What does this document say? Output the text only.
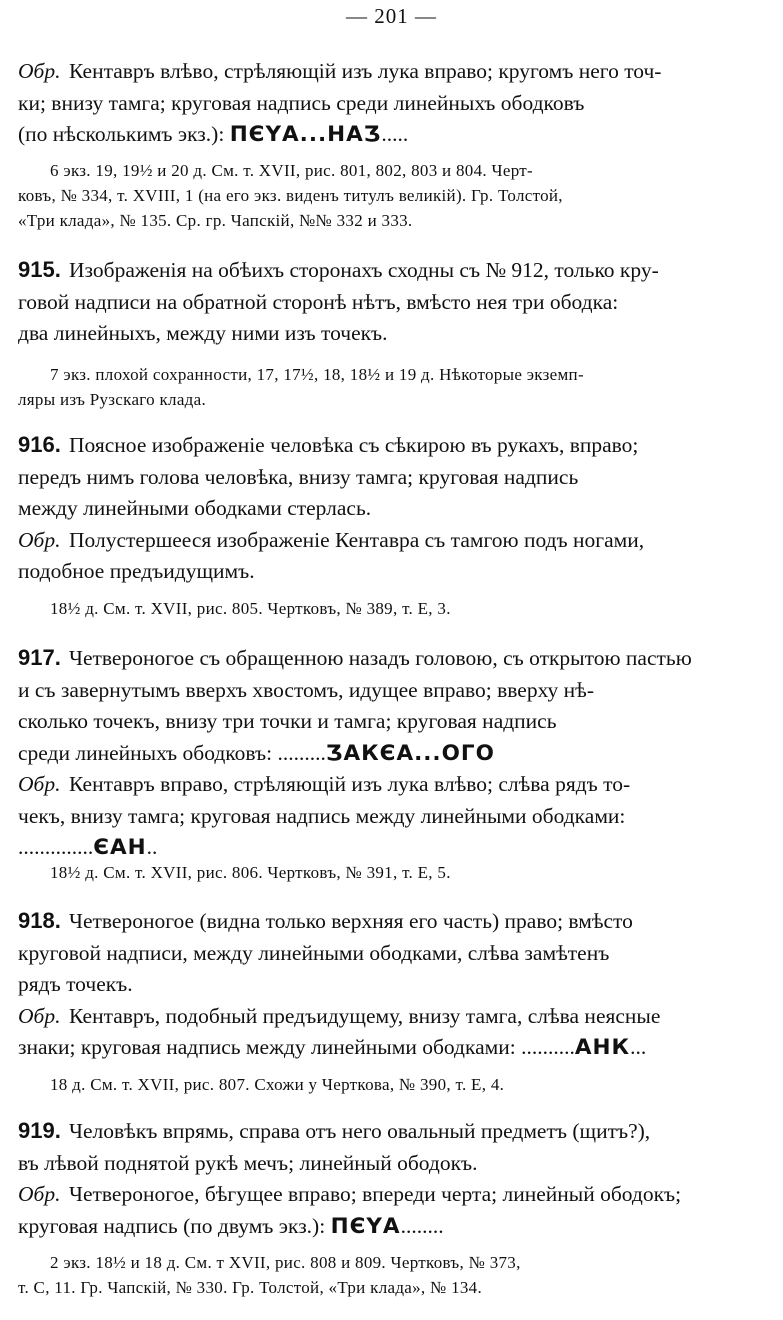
— 201 —
Обр. Кентавръ влѣво, стрѣляющій изъ лука вправо; кругомъ него точ-
ки; внизу тамга; круговая надпись среди линейныхъ ободковъ
(по нѣсколькимъ экз.): ПЄҮА...НАӠ.....
6 экз. 19, 19½ и 20 д. См. т. XVII, рис. 801, 802, 803 и 804. Черт-
ковъ, № 334, т. XVIII, 1 (на его экз. виденъ титулъ великій). Гр. Толстой,
«Три клада», № 135. Ср. гр. Чапскій, №№ 332 и 333.
915. Изображенія на обѣихъ сторонахъ сходны съ № 912, только кру-
говой надписи на обратной сторонѣ нѣтъ, вмѣсто нея три ободка:
два линейныхъ, между ними изъ точекъ.
7 экз. плохой сохранности, 17, 17½, 18, 18½ и 19 д. Нѣкоторые экземп-
ляры изъ Рузскаго клада.
916. Поясное изображеніе человѣка съ сѣкирою въ рукахъ, вправо;
передъ нимъ голова человѣка, внизу тамга; круговая надпись
между линейными ободками стерлась.
Обр. Полустершееся изображеніе Кентавра съ тамгою подъ ногами,
подобное предъидущимъ.
18½ д. См. т. XVII, рис. 805. Чертковъ, № 389, т. Е, 3.
917. Четвероногое съ обращенною назадъ головою, съ открытою пастью
и съ завернутымъ вверхъ хвостомъ, идущее вправо; вверху нѣ-
сколько точекъ, внизу три точки и тамга; круговая надпись
среди линейныхъ ободковъ: .........ӠАКЄА...ОГО
Обр. Кентавръ вправо, стрѣляющій изъ лука влѣво; слѣва рядъ то-
чекъ, внизу тамга; круговая надпись между линейными ободками:
..............ЄАН..
18½ д. См. т. XVII, рис. 806. Чертковъ, № 391, т. Е, 5.
918. Четвероногое (видна только верхняя его часть) право; вмѣсто
круговой надписи, между линейными ободками, слѣва замѣтенъ
рядъ точекъ.
Обр. Кентавръ, подобный предъидущему, внизу тамга, слѣва неясные
знаки; круговая надпись между линейными ободками: ..........АНК...
18 д. См. т. XVII, рис. 807. Схожи у Черткова, № 390, т. Е, 4.
919. Человѣкъ впрямь, справа отъ него овальный предметъ (щитъ?),
въ лѣвой поднятой рукѣ мечъ; линейный ободокъ.
Обр. Четвероногое, бѣгущее вправо; впереди черта; линейный ободокъ;
круговая надпись (по двумъ экз.): ПЄҮА........
2 экз. 18½ и 18 д. См. т XVII, рис. 808 и 809. Чертковъ, № 373,
т. С, 11. Гр. Чапскій, № 330. Гр. Толстой, «Три клада», № 134.
